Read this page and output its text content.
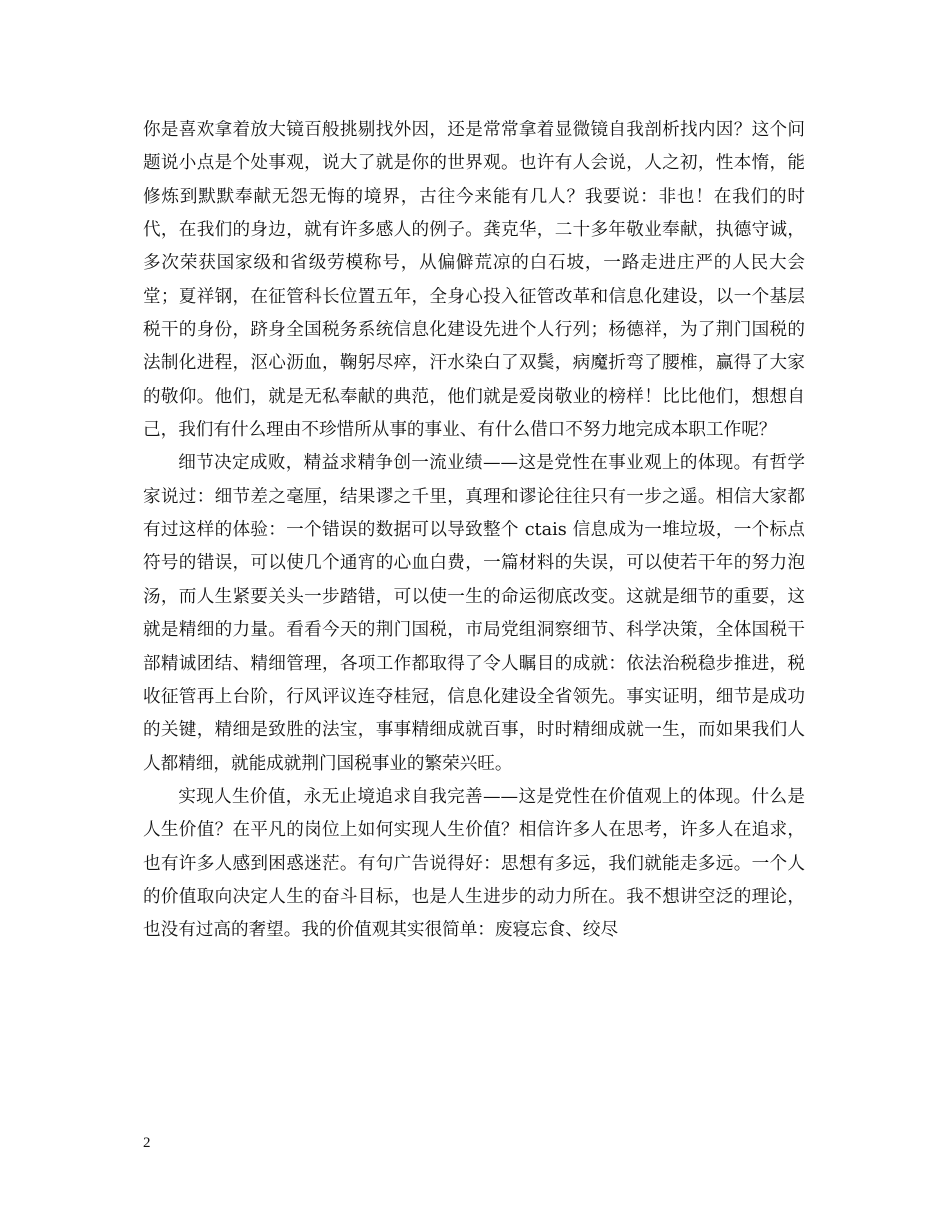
你是喜欢拿着放大镜百般挑剔找外因，还是常常拿着显微镜自我剖析找内因？这个问题说小点是个处事观，说大了就是你的世界观。也许有人会说，人之初，性本惰，能修炼到默默奉献无怨无悔的境界，古往今来能有几人？我要说：非也！在我们的时代，在我们的身边，就有许多感人的例子。龚克华，二十多年敬业奉献，执德守诚，多次荣获国家级和省级劳模称号，从偏僻荒凉的白石坡，一路走进庄严的人民大会堂；夏祥钢，在征管科长位置五年，全身心投入征管改革和信息化建设，以一个基层税干的身份，跻身全国税务系统信息化建设先进个人行列；杨德祥，为了荆门国税的法制化进程，沤心沥血，鞠躬尽瘁，汗水染白了双鬓，病魔折弯了腰椎，赢得了大家的敬仰。他们，就是无私奉献的典范，他们就是爱岗敬业的榜样！比比他们，想想自己，我们有什么理由不珍惜所从事的事业、有什么借口不努力地完成本职工作呢？

细节决定成败，精益求精争创一流业绩——这是党性在事业观上的体现。有哲学家说过：细节差之毫厘，结果谬之千里，真理和谬论往往只有一步之遥。相信大家都有过这样的体验：一个错误的数据可以导致整个 ctais 信息成为一堆垃圾，一个标点符号的错误，可以使几个通宵的心血白费，一篇材料的失误，可以使若干年的努力泡汤，而人生紧要关头一步踏错，可以使一生的命运彻底改变。这就是细节的重要，这就是精细的力量。看看今天的荆门国税，市局党组洞察细节、科学决策，全体国税干部精诚团结、精细管理，各项工作都取得了令人瞩目的成就：依法治税稳步推进，税收征管再上台阶，行风评议连夺桂冠，信息化建设全省领先。事实证明，细节是成功的关键，精细是致胜的法宝，事事精细成就百事，时时精细成就一生，而如果我们人人都精细，就能成就荆门国税事业的繁荣兴旺。

实现人生价值，永无止境追求自我完善——这是党性在价值观上的体现。什么是人生价值？在平凡的岗位上如何实现人生价值？相信许多人在思考，许多人在追求，也有许多人感到困惑迷茫。有句广告说得好：思想有多远，我们就能走多远。一个人的价值取向决定人生的奋斗目标，也是人生进步的动力所在。我不想讲空泛的理论，也没有过高的奢望。我的价值观其实很简单：废寝忘食、绞尽

2
